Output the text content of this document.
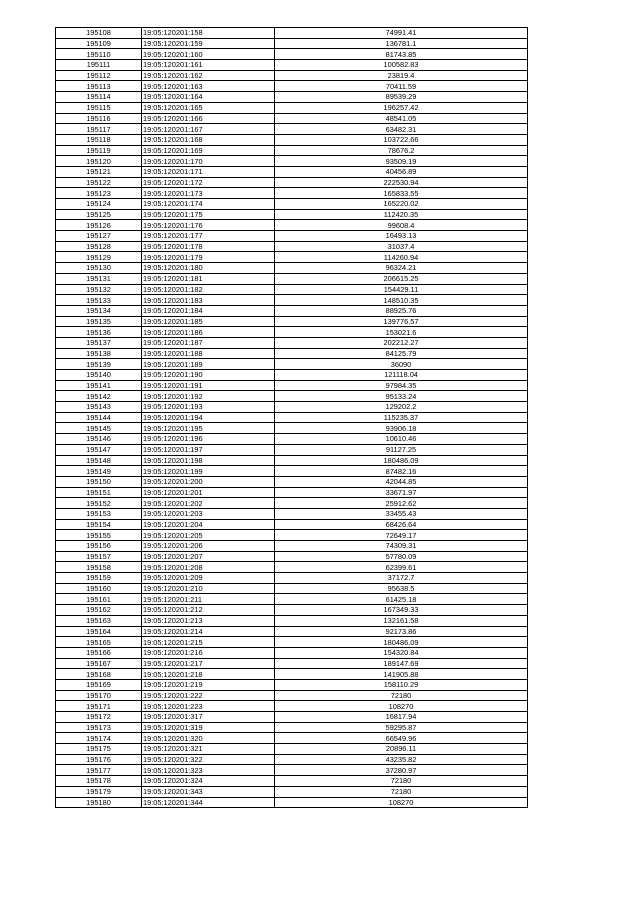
195108	19:05:120201:158	74991.41
195109	19:05:120201:159	136781.1
195110	19:05:120201:160	81743.85
195111	19:05:120201:161	100582.83
195112	19:05:120201:162	23819.4
195113	19:05:120201:163	70411.59
195114	19:05:120201:164	89539.29
195115	19:05:120201:165	196257.42
195116	19:05:120201:166	48541.05
195117	19:05:120201:167	63482.31
195118	19:05:120201:168	103722.66
195119	19:05:120201:169	78676.2
195120	19:05:120201:170	93509.19
195121	19:05:120201:171	40456.89
195122	19:05:120201:172	222530.94
195123	19:05:120201:173	165833.55
195124	19:05:120201:174	165220.02
195125	19:05:120201:175	112420.35
195126	19:05:120201:176	99608.4
195127	19:05:120201:177	16493.13
195128	19:05:120201:178	31037.4
195129	19:05:120201:179	114260.94
195130	19:05:120201:180	96324.21
195131	19:05:120201:181	206615.25
195132	19:05:120201:182	154429.11
195133	19:05:120201:183	148510.35
195134	19:05:120201:184	88925.76
195135	19:05:120201:185	139776.57
195136	19:05:120201:186	153021.6
195137	19:05:120201:187	202212.27
195138	19:05:120201:188	84125.79
195139	19:05:120201:189	36090
195140	19:05:120201:190	121118.04
195141	19:05:120201:191	97984.35
195142	19:05:120201:192	95133.24
195143	19:05:120201:193	129202.2
195144	19:05:120201:194	115235.37
195145	19:05:120201:195	93906.18
195146	19:05:120201:196	10610.46
195147	19:05:120201:197	91127.25
195148	19:05:120201:198	180486.09
195149	19:05:120201:199	87482.16
195150	19:05:120201:200	42044.85
195151	19:05:120201:201	33671.97
195152	19:05:120201:202	25912.62
195153	19:05:120201:203	33455.43
195154	19:05:120201:204	68426.64
195155	19:05:120201:205	72649.17
195156	19:05:120201:206	74309.31
195157	19:05:120201:207	57780.09
195158	19:05:120201:208	62399.61
195159	19:05:120201:209	37172.7
195160	19:05:120201:210	95638.5
195161	19:05:120201:211	61425.18
195162	19:05:120201:212	167349.33
195163	19:05:120201:213	132161.58
195164	19:05:120201:214	92173.86
195165	19:05:120201:215	180486.09
195166	19:05:120201:216	154320.84
195167	19:05:120201:217	189147.69
195168	19:05:120201:218	141905.88
195169	19:05:120201:219	158110.29
195170	19:05:120201:222	72180
195171	19:05:120201:223	108270
195172	19:05:120201:317	16817.94
195173	19:05:120201:319	59295.87
195174	19:05:120201:320	66549.96
195175	19:05:120201:321	20896.11
195176	19:05:120201:322	43235.82
195177	19:05:120201:323	37280.97
195178	19:05:120201:324	72180
195179	19:05:120201:343	72180
195180	19:05:120201:344	108270
